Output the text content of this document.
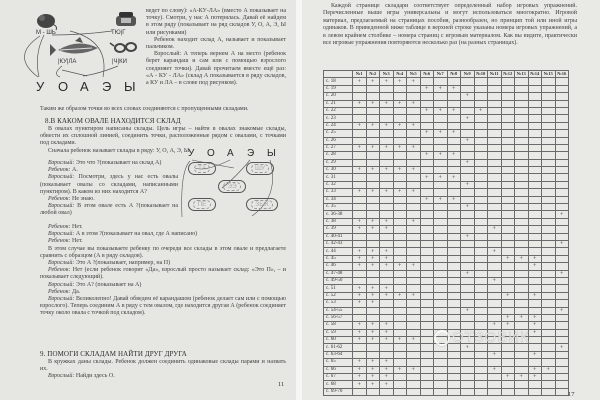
М - ШЬ	ТЮ|Г
|КУ|ЛА	|Ч|КИ
У О А Э Ы
ведет по слову): «А-КУ-ЛА» (вместо А показывает на точку). Смотри, у нас А потерялась. Давай её найдем в этом ряду (показывает на ряд складов У, О, А, Э, Ы или рисунками)

Ребенок находит склад А, называет и показывает пальчиком.

Взрослый: А теперь вернем А на место (ребенок берет карандаш и сам или с помощью взрослого соединяет точки). Давай прочитаем вместе ещё раз: «А - КУ - ЛА» (склад А показывается в ряду складов, а КУ и ЛА – в слове под рисунком).

Таким же образом точки во всех словах соединяются с пропущенными складами.
8.В КАКОМ ОВАЛЕ НАХОДИТСЯ СКЛАД

В овалах пунктиром написаны склады. Цель игры – найти в овалах знакомые склады, обвести их сплошной линией, соединить точки, расположенные рядом с овалами, с точками под складами.

Сначала ребенок называет склады в ряду: У, О, А, Э, Ы.

Взрослый: Это что ?(показывает на склад А)

Ребенок: А.

Взрослый: Посмотри, здесь у нас есть овалы (показывает овалы со складами, написанными пунктиром). В каком из них находится А?

Ребенок: Не знаю.

Взрослый: В этом овале есть А ?(показывает на любой овал)

Ребенок: Нет.

Взрослый: А в этом ?(показывает на овал, где А написано)

Ребенок: Нет.

В этом случае вы показываете ребенку по очереди все склады в этом овале и предлагаете сравнить с образцом (А в ряду складов).

Взрослый: Это А ?(показывает, например, на П)

Ребенок: Нет (если ребенок говорит «Да», взрослый просто называет склад: «Это П», – и показывает следующий).

Взрослый: Это А? (показывает на А)

Ребенок: Да.

Взрослый: Великолепно! Давай обведем её карандашом (ребенок делает сам или с помощью взрослого). Теперь соединим А в ряду с тем овалом, где находится другая А (ребенок соединяет точку около овала с точкой под складом).

У О А Э Ы
ТА	ШУ
ЭЭ
ПЕ	ЗЫК
9. ПОМОГИ СКЛАДАМ НАЙТИ ДРУГ ДРУГА

В кружках даны склады. Ребенок должен соединить одинаковые склады парами и назвать их.

Взрослый: Найди здесь О.

11

Каждой странице складари соответствует определенный набор игровых упражнений. Перечисленные выше игры универсальны и могут использоваться многократно. Игровой материал, предлагаемый на страницах пособия, разнообразен, но принцип той или иной игры одинаков. В приведенной ниже таблице в верхней строке указаны номера игровых упражнений, а в левом крайнем столбике – номера страниц с игровым материалом. Как вы видите, практически все игровые упражнения повторяются несколько раз (на разных страницах).

	№1	№2	№3	№4	№5	№6	№7	№8	№9	№10	№11	№12	№13	№14	№15	№16
с. 18	+	+	+	+	+											
с. 19						+	+	+								
с. 20									+							
с. 21	+	+	+	+	+											
с. 22						+	+	+		+						
с. 23									+							
с. 24	+	+	+	+	+											
с. 25						+	+	+								
с. 26									+							
с. 27	+	+	+	+	+											
с. 28						+	+	+								
с. 29									+							
с. 30	+	+	+	+	+											
с. 31						+	+	+								
с. 32									+							
с. 33	+	+	+	+	+											
с. 34						+	+	+								
с. 35									+							
с. 36-38																+
с. 38	+	+	+		+											
с. 39	+	+	+								+					
с. 40-41									+							
с. 42-43																+
с. 44	+	+	+								+					
с. 45	+	+	+									+	+	+		
с. 46	+	+	+	+	+									+		
с. 47-48									+							+
с. 49-50											+					
с. 51	+	+	+													
с. 52	+	+	+	+	+							+		+		
с. 53	+	+														
с. 54-55									+							+
с. 56-57												+	+	+		
с. 58	+	+	+								+	+		+		
с. 59	+	+	+											+		
с. 60	+	+	+	+	+											
с. 61-62									+							+
с. 63-64											+			+		
с. 65	+	+	+													
с. 66	+	+	+	+	+						+			+	+	
с. 67	+	+	+									+	+	+		
с. 68	+	+	+													
с. 69-70																	17
ОТЗОВИК
